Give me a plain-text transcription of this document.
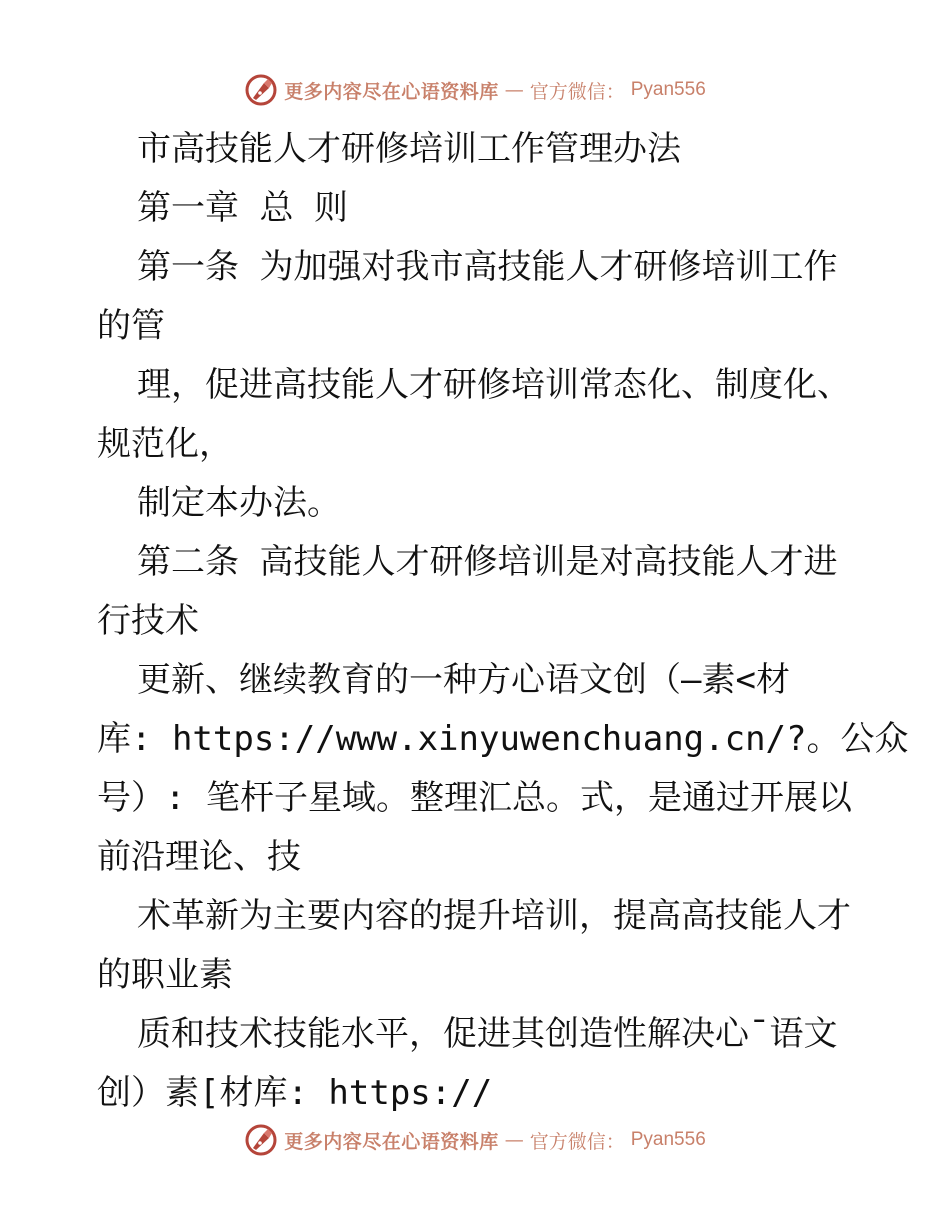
更多内容尽在心语资料库 — 官方微信： Pyan556
市高技能人才研修培训工作管理办法
第一章 总 则
第一条 为加强对我市高技能人才研修培训工作
的管
理，促进高技能人才研修培训常态化、制度化、
规范化，
制定本办法。
第二条 高技能人才研修培训是对高技能人才进
行技术
更新、继续教育的一种方心语文创（—素<材
库: https://www.xinyuwenchuang.cn/?。公众
号）: 笔杆子星域。整理汇总。式，是通过开展以
前沿理论、技
术革新为主要内容的提升培训，提高高技能人才
的职业素
质和技术技能水平，促进其创造性解决心¯语文
创）素[材库: https://
更多内容尽在心语资料库 — 官方微信： Pyan556
